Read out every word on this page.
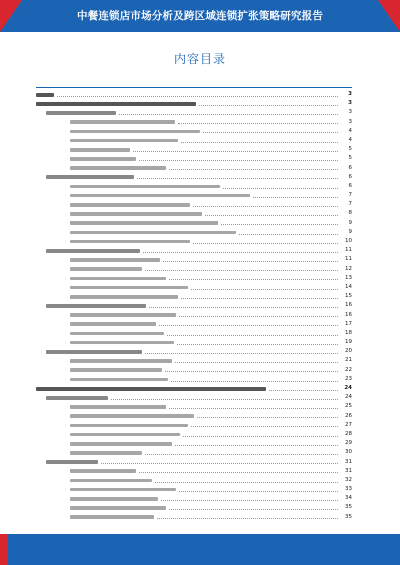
中餐连锁店市场分析及跨区域连锁扩张策略研究报告
内容目录
3
3
3
3
4
4
5
5
6
6
6
7
7
8
9
9
10
11
11
12
13
14
15
16
16
17
18
19
20
21
22
23
24
24
25
26
27
28
29
30
31
31
32
33
34
35
35
